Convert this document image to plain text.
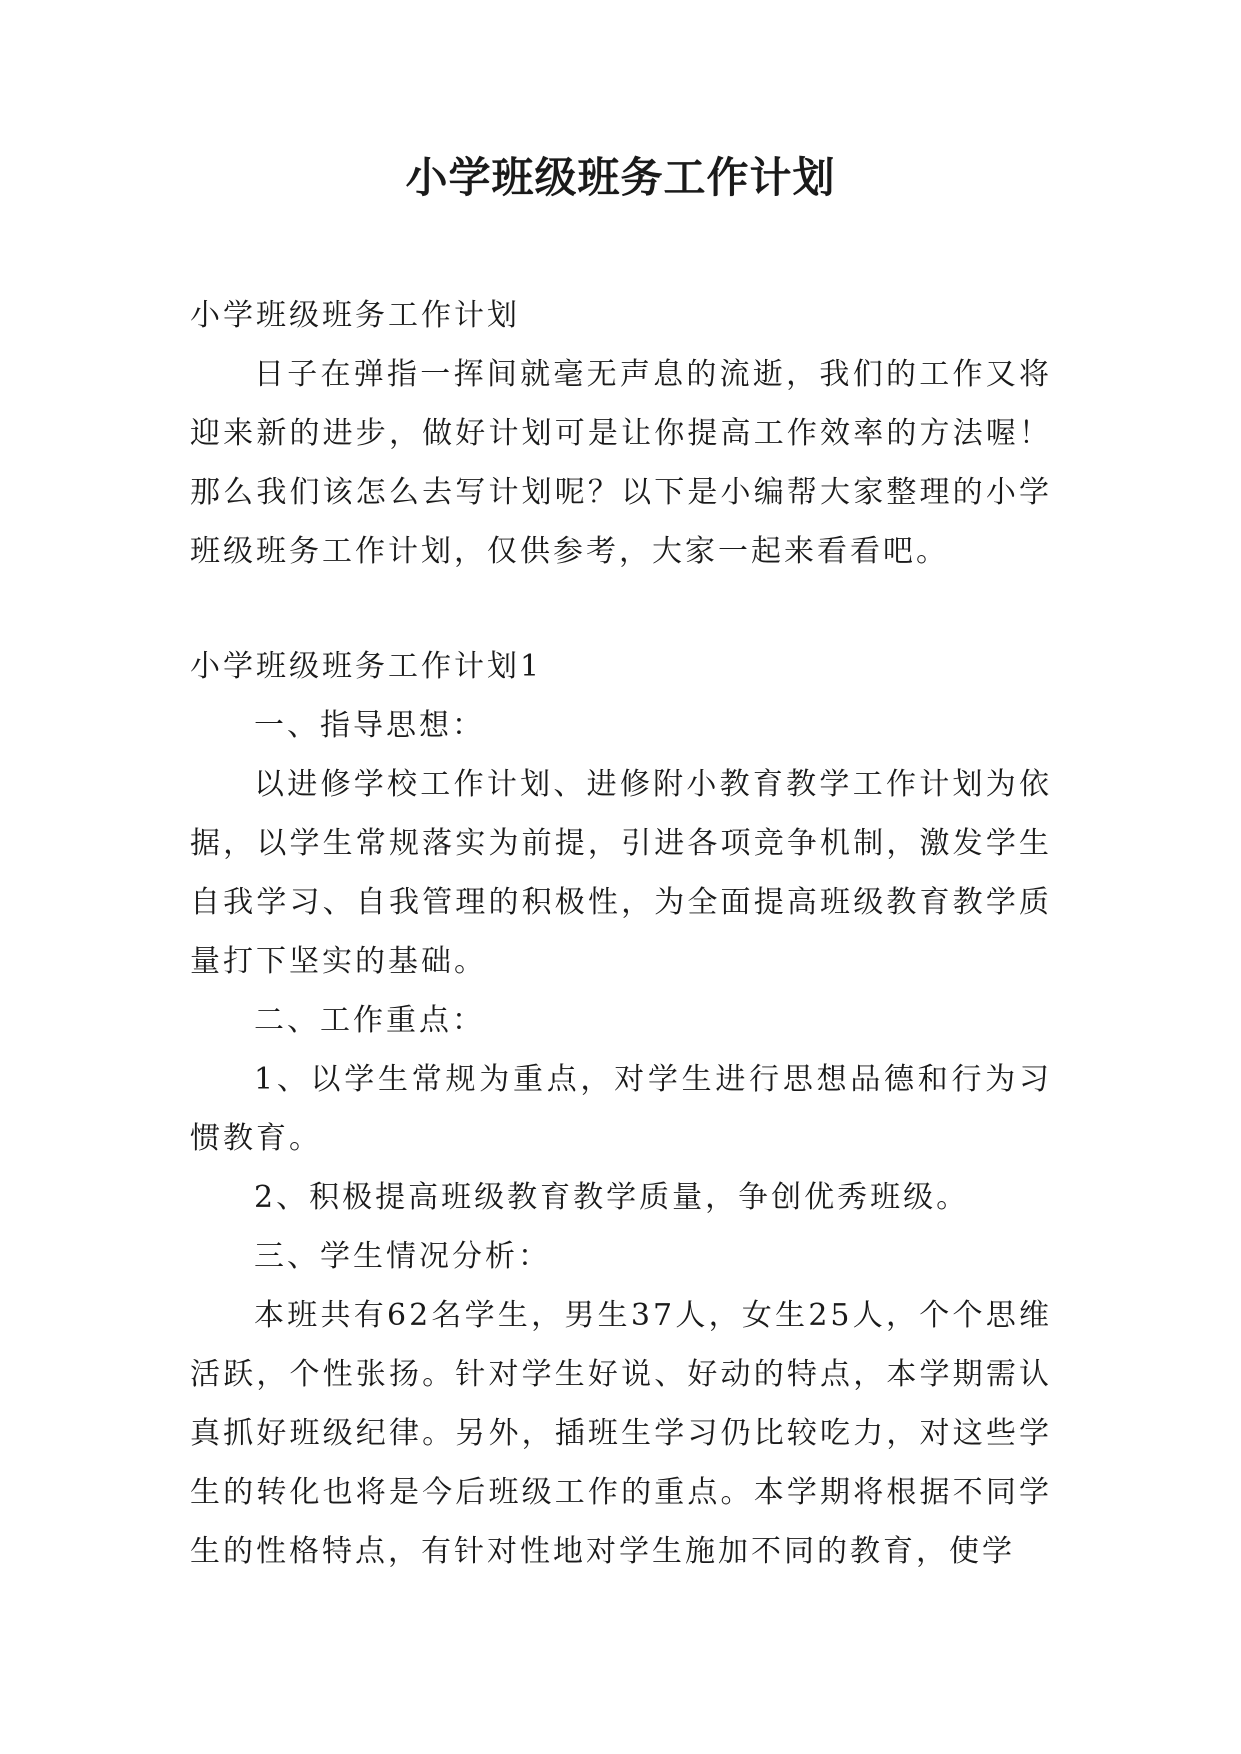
小学班级班务工作计划

小学班级班务工作计划

日子在弹指一挥间就毫无声息的流逝，我们的工作又将迎来新的进步，做好计划可是让你提高工作效率的方法喔！那么我们该怎么去写计划呢？以下是小编帮大家整理的小学班级班务工作计划，仅供参考，大家一起来看看吧。

小学班级班务工作计划1

一、指导思想：

以进修学校工作计划、进修附小教育教学工作计划为依据，以学生常规落实为前提，引进各项竞争机制，激发学生自我学习、自我管理的积极性，为全面提高班级教育教学质量打下坚实的基础。

二、工作重点：

1、以学生常规为重点，对学生进行思想品德和行为习惯教育。

2、积极提高班级教育教学质量，争创优秀班级。

三、学生情况分析：

本班共有62名学生，男生37人，女生25人，个个思维活跃，个性张扬。针对学生好说、好动的特点，本学期需认真抓好班级纪律。另外，插班生学习仍比较吃力，对这些学生的转化也将是今后班级工作的重点。本学期将根据不同学生的性格特点，有针对性地对学生施加不同的教育，使学
